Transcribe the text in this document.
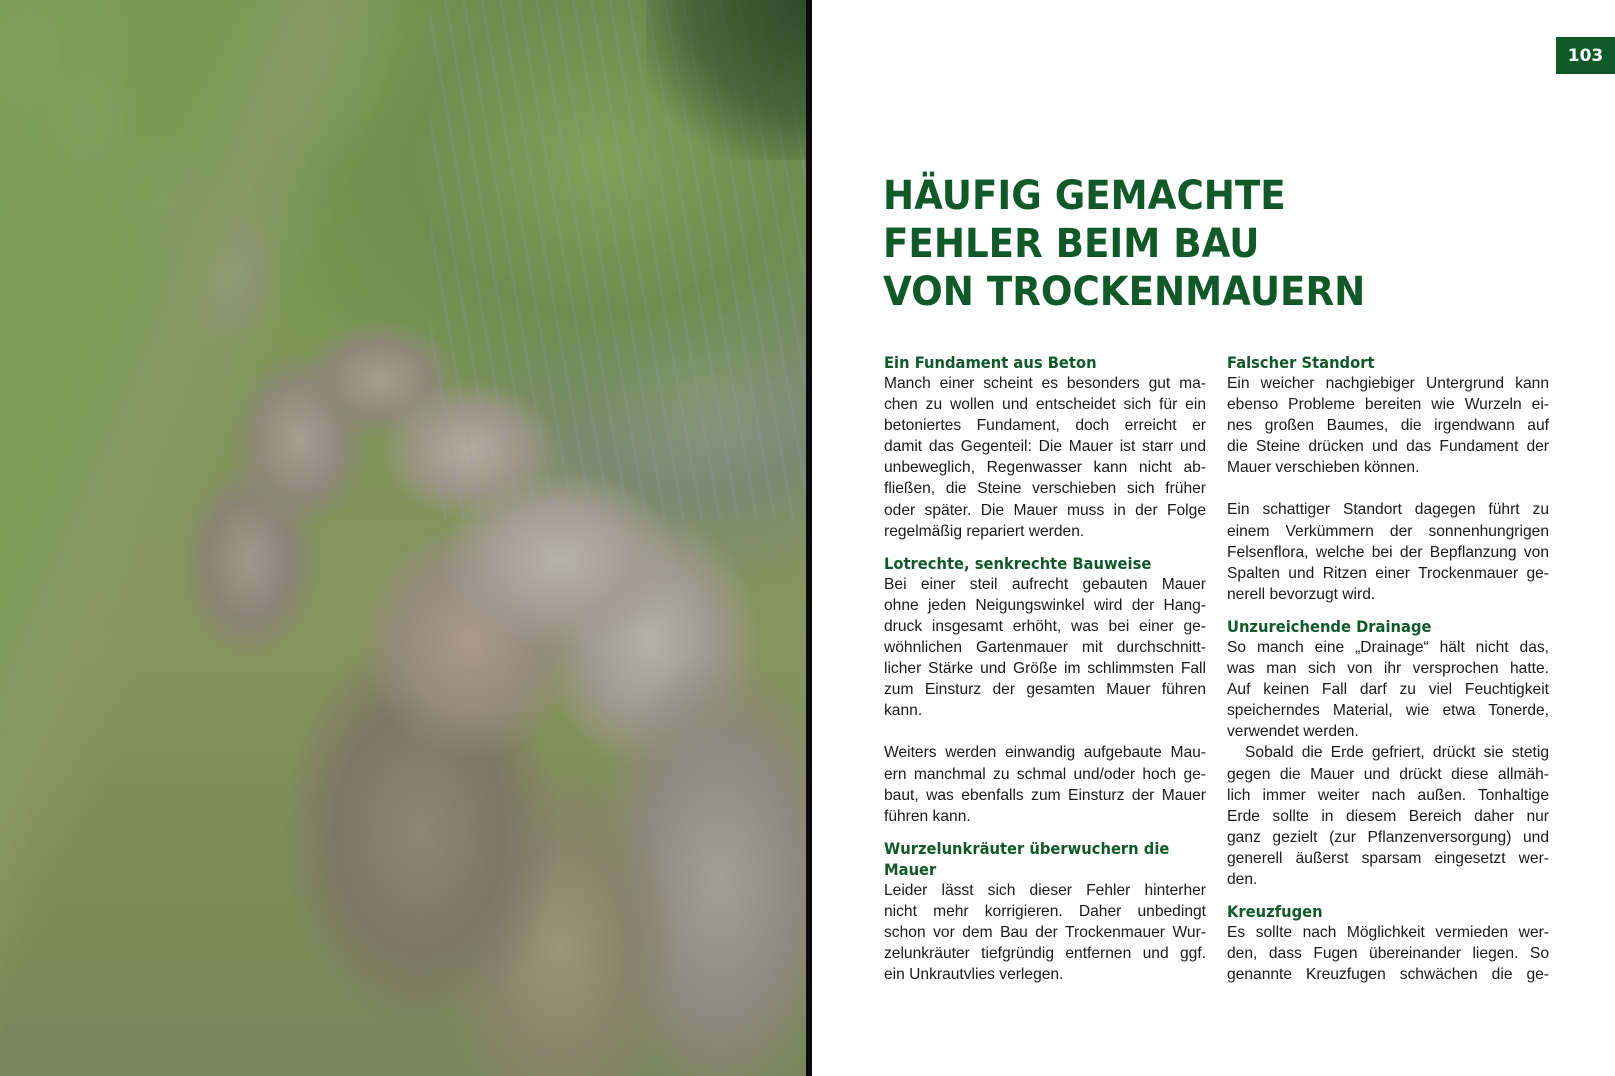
103
HÄUFIG GEMACHTE
FEHLER BEIM BAU
VON TROCKENMAUERN
Ein Fundament aus Beton

Manch einer scheint es besonders gut ma-
chen zu wollen und entscheidet sich für ein
betoniertes Fundament, doch erreicht er
damit das Gegenteil: Die Mauer ist starr und
unbeweglich, Regenwasser kann nicht ab-
fließen, die Steine verschieben sich früher
oder später. Die Mauer muss in der Folge
regelmäßig repariert werden.

Lotrechte, senkrechte Bauweise

Bei einer steil aufrecht gebauten Mauer
ohne jeden Neigungswinkel wird der Hang-
druck insgesamt erhöht, was bei einer ge-
wöhnlichen Gartenmauer mit durchschnitt-
licher Stärke und Größe im schlimmsten Fall
zum Einsturz der gesamten Mauer führen
kann.

Weiters werden einwandig aufgebaute Mau-
ern manchmal zu schmal und/oder hoch ge-
baut, was ebenfalls zum Einsturz der Mauer
führen kann.

Wurzelunkräuter überwuchern die
Mauer

Leider lässt sich dieser Fehler hinterher
nicht mehr korrigieren. Daher unbedingt
schon vor dem Bau der Trockenmauer Wur-
zelunkräuter tiefgründig entfernen und ggf.
ein Unkrautvlies verlegen.

Falscher Standort

Ein weicher nachgiebiger Untergrund kann
ebenso Probleme bereiten wie Wurzeln ei-
nes großen Baumes, die irgendwann auf
die Steine drücken und das Fundament der
Mauer verschieben können.

Ein schattiger Standort dagegen führt zu
einem Verkümmern der sonnenhungrigen
Felsenflora, welche bei der Bepflanzung von
Spalten und Ritzen einer Trockenmauer ge-
nerell bevorzugt wird.

Unzureichende Drainage

So manch eine „Drainage“ hält nicht das,
was man sich von ihr versprochen hatte.
Auf keinen Fall darf zu viel Feuchtigkeit
speicherndes Material, wie etwa Tonerde,
verwendet werden.

Sobald die Erde gefriert, drückt sie stetig
gegen die Mauer und drückt diese allmäh-
lich immer weiter nach außen. Tonhaltige
Erde sollte in diesem Bereich daher nur
ganz gezielt (zur Pflanzenversorgung) und
generell äußerst sparsam eingesetzt wer-
den.

Kreuzfugen

Es sollte nach Möglichkeit vermieden wer-
den, dass Fugen übereinander liegen. So
genannte Kreuzfugen schwächen die ge-
